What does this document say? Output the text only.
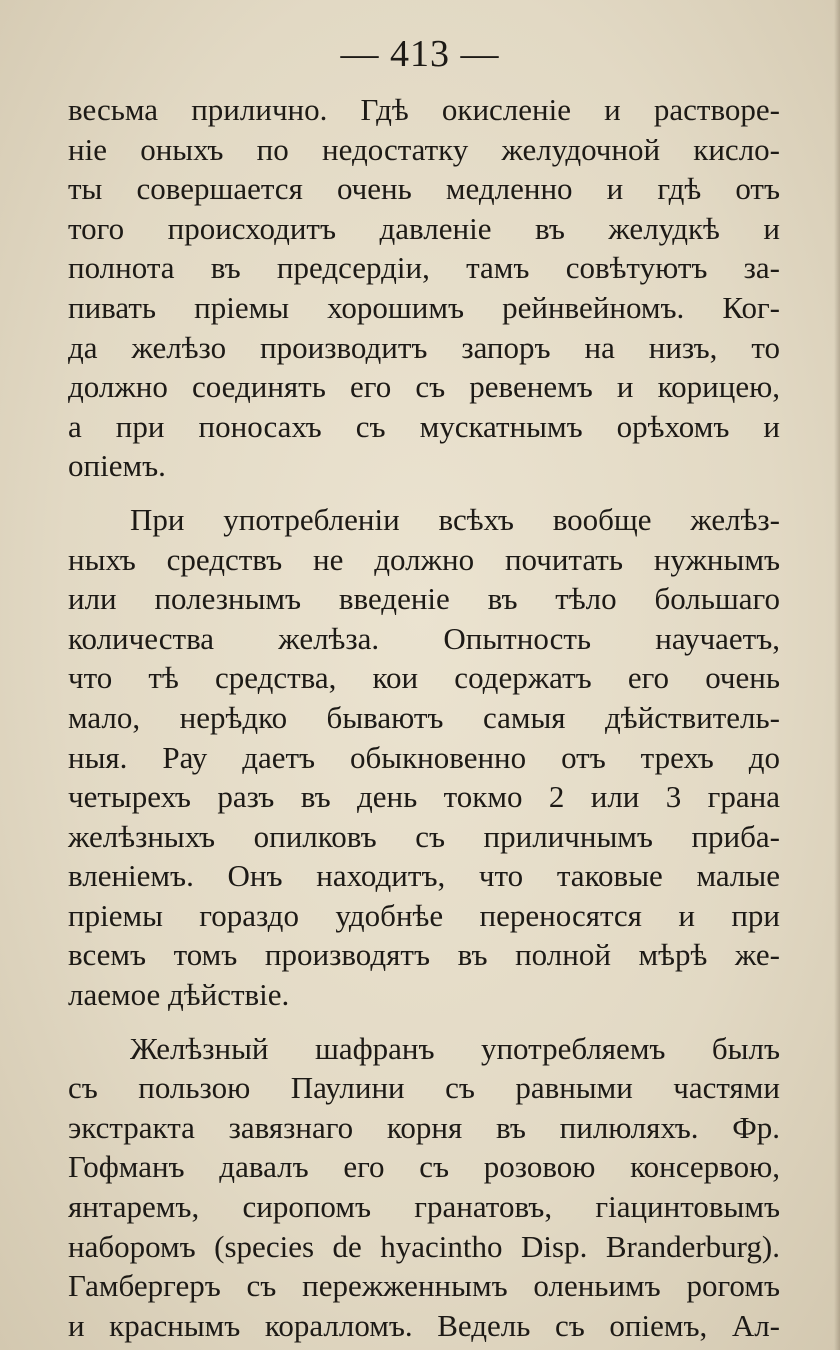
— 413 —
весьма прилично. Гдѣ окисленіе и растворе-
ніе оныхъ по недостатку желудочной кисло-
ты совершается очень медленно и гдѣ отъ
того происходитъ давленіе въ желудкѣ и
полнота въ предсердіи, тамъ совѣтуютъ за-
пивать пріемы хорошимъ рейнвейномъ. Ког-
да желѣзо производитъ запоръ на низъ, то
должно соединять его съ ревенемъ и корицею,
а при поносахъ съ мускатнымъ орѣхомъ и
опіемъ.
При употребленіи всѣхъ вообще желѣз-
ныхъ средствъ не должно почитать нужнымъ
или полезнымъ введеніе въ тѣло большаго
количества желѣза. Опытность научаетъ,
что тѣ средства, кои содержатъ его очень
мало, нерѣдко бываютъ самыя дѣйствитель-
ныя. Рау даетъ обыкновенно отъ трехъ до
четырехъ разъ въ день токмо 2 или 3 грана
желѣзныхъ опилковъ съ приличнымъ приба-
вленіемъ. Онъ находитъ, что таковые малые
пріемы гораздо удобнѣе переносятся и при
всемъ томъ производятъ въ полной мѣрѣ же-
лаемое дѣйствіе.
Желѣзный шафранъ употребляемъ былъ
съ пользою Паулини съ равными частями
экстракта завязнаго корня въ пилюляхъ. Фр.
Гофманъ давалъ его съ розовою консервою,
янтаремъ, сиропомъ гранатовъ, гіацинтовымъ
наборомъ (species de hyacintho Disp. Branderburg).
Гамбергеръ съ пережженнымъ оленьимъ рогомъ
и краснымъ коралломъ. Ведель съ опіемъ, Ал-
